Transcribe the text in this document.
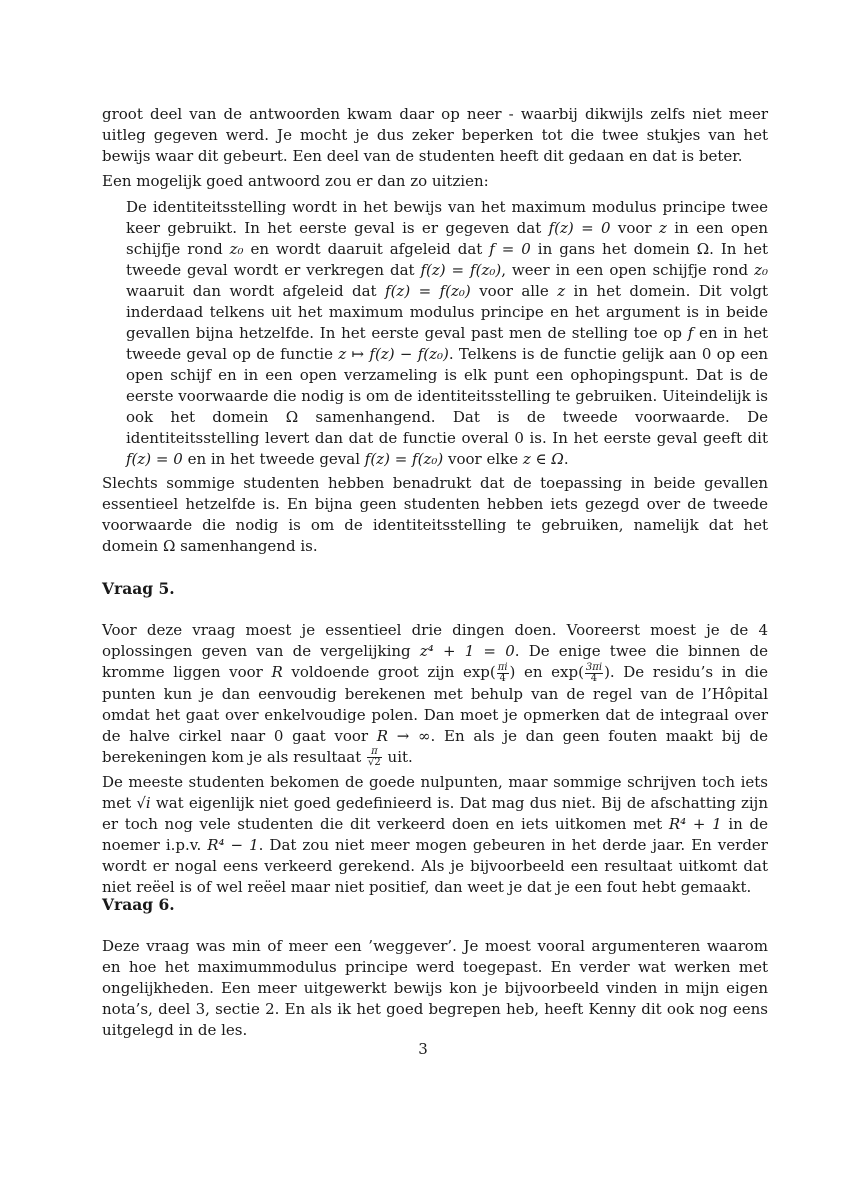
groot deel van de antwoorden kwam daar op neer - waarbij dikwijls zelfs niet meer uitleg gegeven werd. Je mocht je dus zeker beperken tot die twee stukjes van het bewijs waar dit gebeurt. Een deel van de studenten heeft dit gedaan en dat is beter.

Een mogelijk goed antwoord zou er dan zo uitzien:

De identiteitsstelling wordt in het bewijs van het maximum modulus principe twee keer gebruikt. In het eerste geval is er gegeven dat f(z) = 0 voor z in een open schijfje rond z₀ en wordt daaruit afgeleid dat f = 0 in gans het domein Ω. In het tweede geval wordt er verkregen dat f(z) = f(z₀), weer in een open schijfje rond z₀ waaruit dan wordt afgeleid dat f(z) = f(z₀) voor alle z in het domein. Dit volgt inderdaad telkens uit het maximum modulus principe en het argument is in beide gevallen bijna hetzelfde. In het eerste geval past men de stelling toe op f en in het tweede geval op de functie z ↦ f(z) − f(z₀). Telkens is de functie gelijk aan 0 op een open schijf en in een open verzameling is elk punt een ophopingspunt. Dat is de eerste voorwaarde die nodig is om de identiteitsstelling te gebruiken. Uiteindelijk is ook het domein Ω samenhangend. Dat is de tweede voorwaarde. De identiteitsstelling levert dan dat de functie overal 0 is. In het eerste geval geeft dit f(z) = 0 en in het tweede geval f(z) = f(z₀) voor elke z ∈ Ω.

Slechts sommige studenten hebben benadrukt dat de toepassing in beide gevallen essentieel hetzelfde is. En bijna geen studenten hebben iets gezegd over de tweede voorwaarde die nodig is om de identiteitsstelling te gebruiken, namelijk dat het domein Ω samenhangend is.

Vraag 5.

Voor deze vraag moest je essentieel drie dingen doen. Vooreerst moest je de 4 oplossingen geven van de vergelijking z⁴ + 1 = 0. De enige twee die binnen de kromme liggen voor R voldoende groot zijn $\exp( \frac{\pi i}{4}$ ) en $\exp( \frac{3\pi i}{4}$ ). De residu’s in die punten kun je dan eenvoudig berekenen met behulp van de regel van de l’Hôpital omdat het gaat over enkelvoudige polen. Dan moet je opmerken dat de integraal over de halve cirkel naar 0 gaat voor R → ∞. En als je dan geen fouten maakt bij de berekeningen kom je als resultaat $\frac{\pi}{√2}$ uit.

De meeste studenten bekomen de goede nulpunten, maar sommige schrijven toch iets met √i wat eigenlijk niet goed gedefinieerd is. Dat mag dus niet. Bij de afschatting zijn er toch nog vele studenten die dit verkeerd doen en iets uitkomen met R⁴ + 1 in de noemer i.p.v. R⁴ − 1. Dat zou niet meer mogen gebeuren in het derde jaar. En verder wordt er nogal eens verkeerd gerekend. Als je bijvoorbeeld een resultaat uitkomt dat niet reëel is of wel reëel maar niet positief, dan weet je dat je een fout hebt gemaakt.

Vraag 6.

Deze vraag was min of meer een ’weggever’. Je moest vooral argumenteren waarom en hoe het maximummodulus principe werd toegepast. En verder wat werken met ongelijkheden. Een meer uitgewerkt bewijs kon je bijvoorbeeld vinden in mijn eigen nota’s, deel 3, sectie 2. En als ik het goed begrepen heb, heeft Kenny dit ook nog eens uitgelegd in de les.

3
